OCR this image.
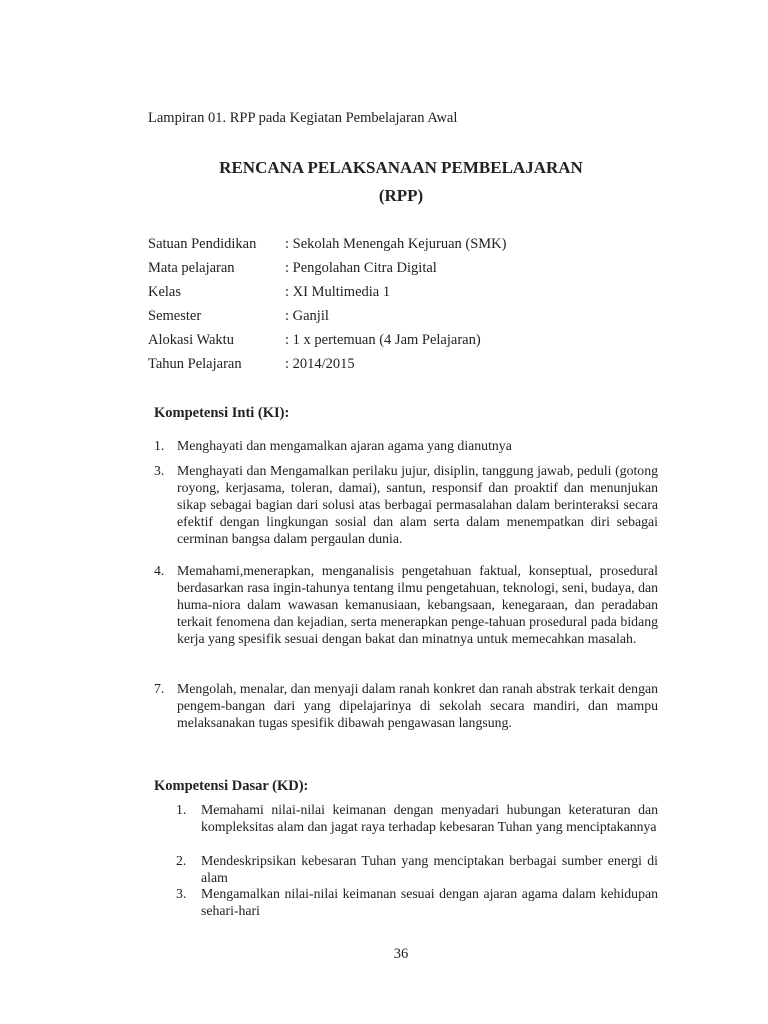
Lampiran 01. RPP pada Kegiatan Pembelajaran Awal
RENCANA PELAKSANAAN PEMBELAJARAN
(RPP)
Satuan Pendidikan : Sekolah Menengah Kejuruan (SMK)
Mata pelajaran	: Pengolahan Citra Digital
Kelas	: XI Multimedia 1
Semester	: Ganjil
Alokasi Waktu	: 1 x pertemuan (4 Jam Pelajaran)
Tahun Pelajaran	: 2014/2015
Kompetensi Inti (KI):
1. Menghayati dan mengamalkan ajaran agama yang dianutnya
3. Menghayati dan Mengamalkan perilaku jujur, disiplin, tanggung jawab, peduli (gotong royong, kerjasama, toleran, damai), santun, responsif dan proaktif dan menunjukan sikap sebagai bagian dari solusi atas berbagai permasalahan dalam berinteraksi secara efektif dengan lingkungan sosial dan alam serta dalam menempatkan diri sebagai cerminan bangsa dalam pergaulan dunia.
4. Memahami,menerapkan, menganalisis pengetahuan faktual, konseptual, prosedural berdasarkan rasa ingin-tahunya tentang ilmu pengetahuan, teknologi, seni, budaya, dan huma-niora dalam wawasan kemanusiaan, kebangsaan, kenegaraan, dan peradaban terkait fenomena dan kejadian, serta menerapkan penge-tahuan prosedural pada bidang kerja yang spesifik sesuai dengan bakat dan minatnya untuk memecahkan masalah.
7. Mengolah, menalar, dan menyaji dalam ranah konkret dan ranah abstrak terkait dengan pengem-bangan dari yang dipelajarinya di sekolah secara mandiri, dan mampu melaksanakan tugas spesifik dibawah pengawasan langsung.
Kompetensi Dasar (KD):
1. Memahami nilai-nilai keimanan dengan menyadari hubungan keteraturan dan kompleksitas alam dan jagat raya terhadap kebesaran Tuhan yang menciptakannya
2. Mendeskripsikan kebesaran Tuhan yang menciptakan berbagai sumber energi di alam
3. Mengamalkan nilai-nilai keimanan sesuai dengan ajaran agama dalam kehidupan sehari-hari
36
